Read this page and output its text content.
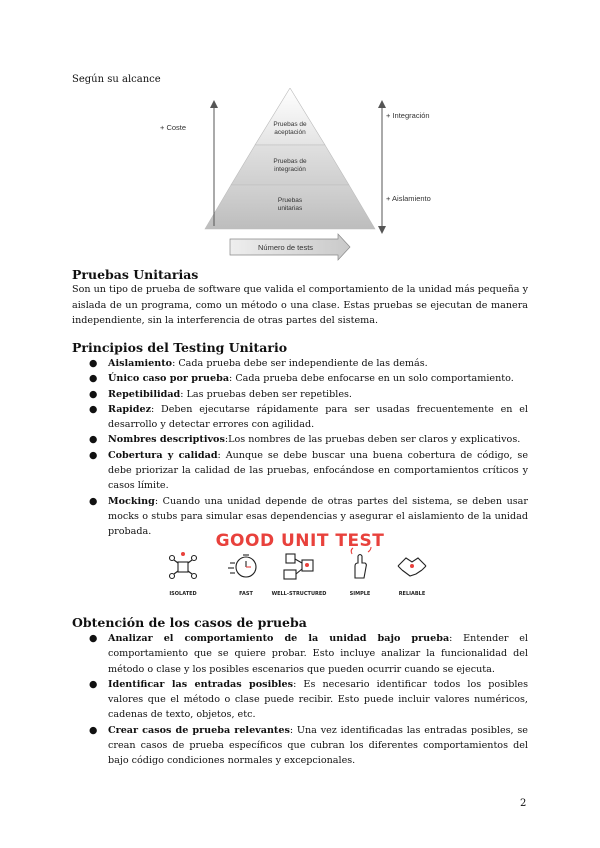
Según su alcance
Pruebas de
aceptación
Pruebas de
integración
Pruebas
unitarias
+ Coste
+ Integración
+ Aislamiento
Número de tests
Pruebas Unitarias
Son un tipo de prueba de software que valida el comportamiento de la unidad más pequeña y aislada de un programa, como un método o una clase. Estas pruebas se ejecutan de manera independiente, sin la interferencia de otras partes del sistema.
Principios del Testing Unitario
● Aislamiento: Cada prueba debe ser independiente de las demás.
● Único caso por prueba: Cada prueba debe enfocarse en un solo comportamiento.
● Repetibilidad: Las pruebas deben ser repetibles.
● Rapidez: Deben ejecutarse rápidamente para ser usadas frecuentemente en el desarrollo y detectar errores con agilidad.
● Nombres descriptivos:Los nombres de las pruebas deben ser claros y explicativos.
● Cobertura y calidad: Aunque se debe buscar una buena cobertura de código, se debe priorizar la calidad de las pruebas, enfocándose en comportamientos críticos y casos límite.
● Mocking: Cuando una unidad depende de otras partes del sistema, se deben usar mocks o stubs para simular esas dependencias y asegurar el aislamiento de la unidad probada.	GOOD UNIT TEST
ISOLATED	FAST	WELL-STRUCTURED	SIMPLE	RELIABLE
Obtención de los casos de prueba
● Analizar el comportamiento de la unidad bajo prueba: Entender el comportamiento que se quiere probar. Esto incluye analizar la funcionalidad del método o clase y los posibles escenarios que pueden ocurrir cuando se ejecuta.
● Identificar las entradas posibles: Es necesario identificar todos los posibles valores que el método o clase puede recibir. Esto puede incluir valores numéricos, cadenas de texto, objetos, etc.
● Crear casos de prueba relevantes: Una vez identificadas las entradas posibles, se crean casos de prueba específicos que cubran los diferentes comportamientos del bajo código condiciones normales y excepcionales.
2
